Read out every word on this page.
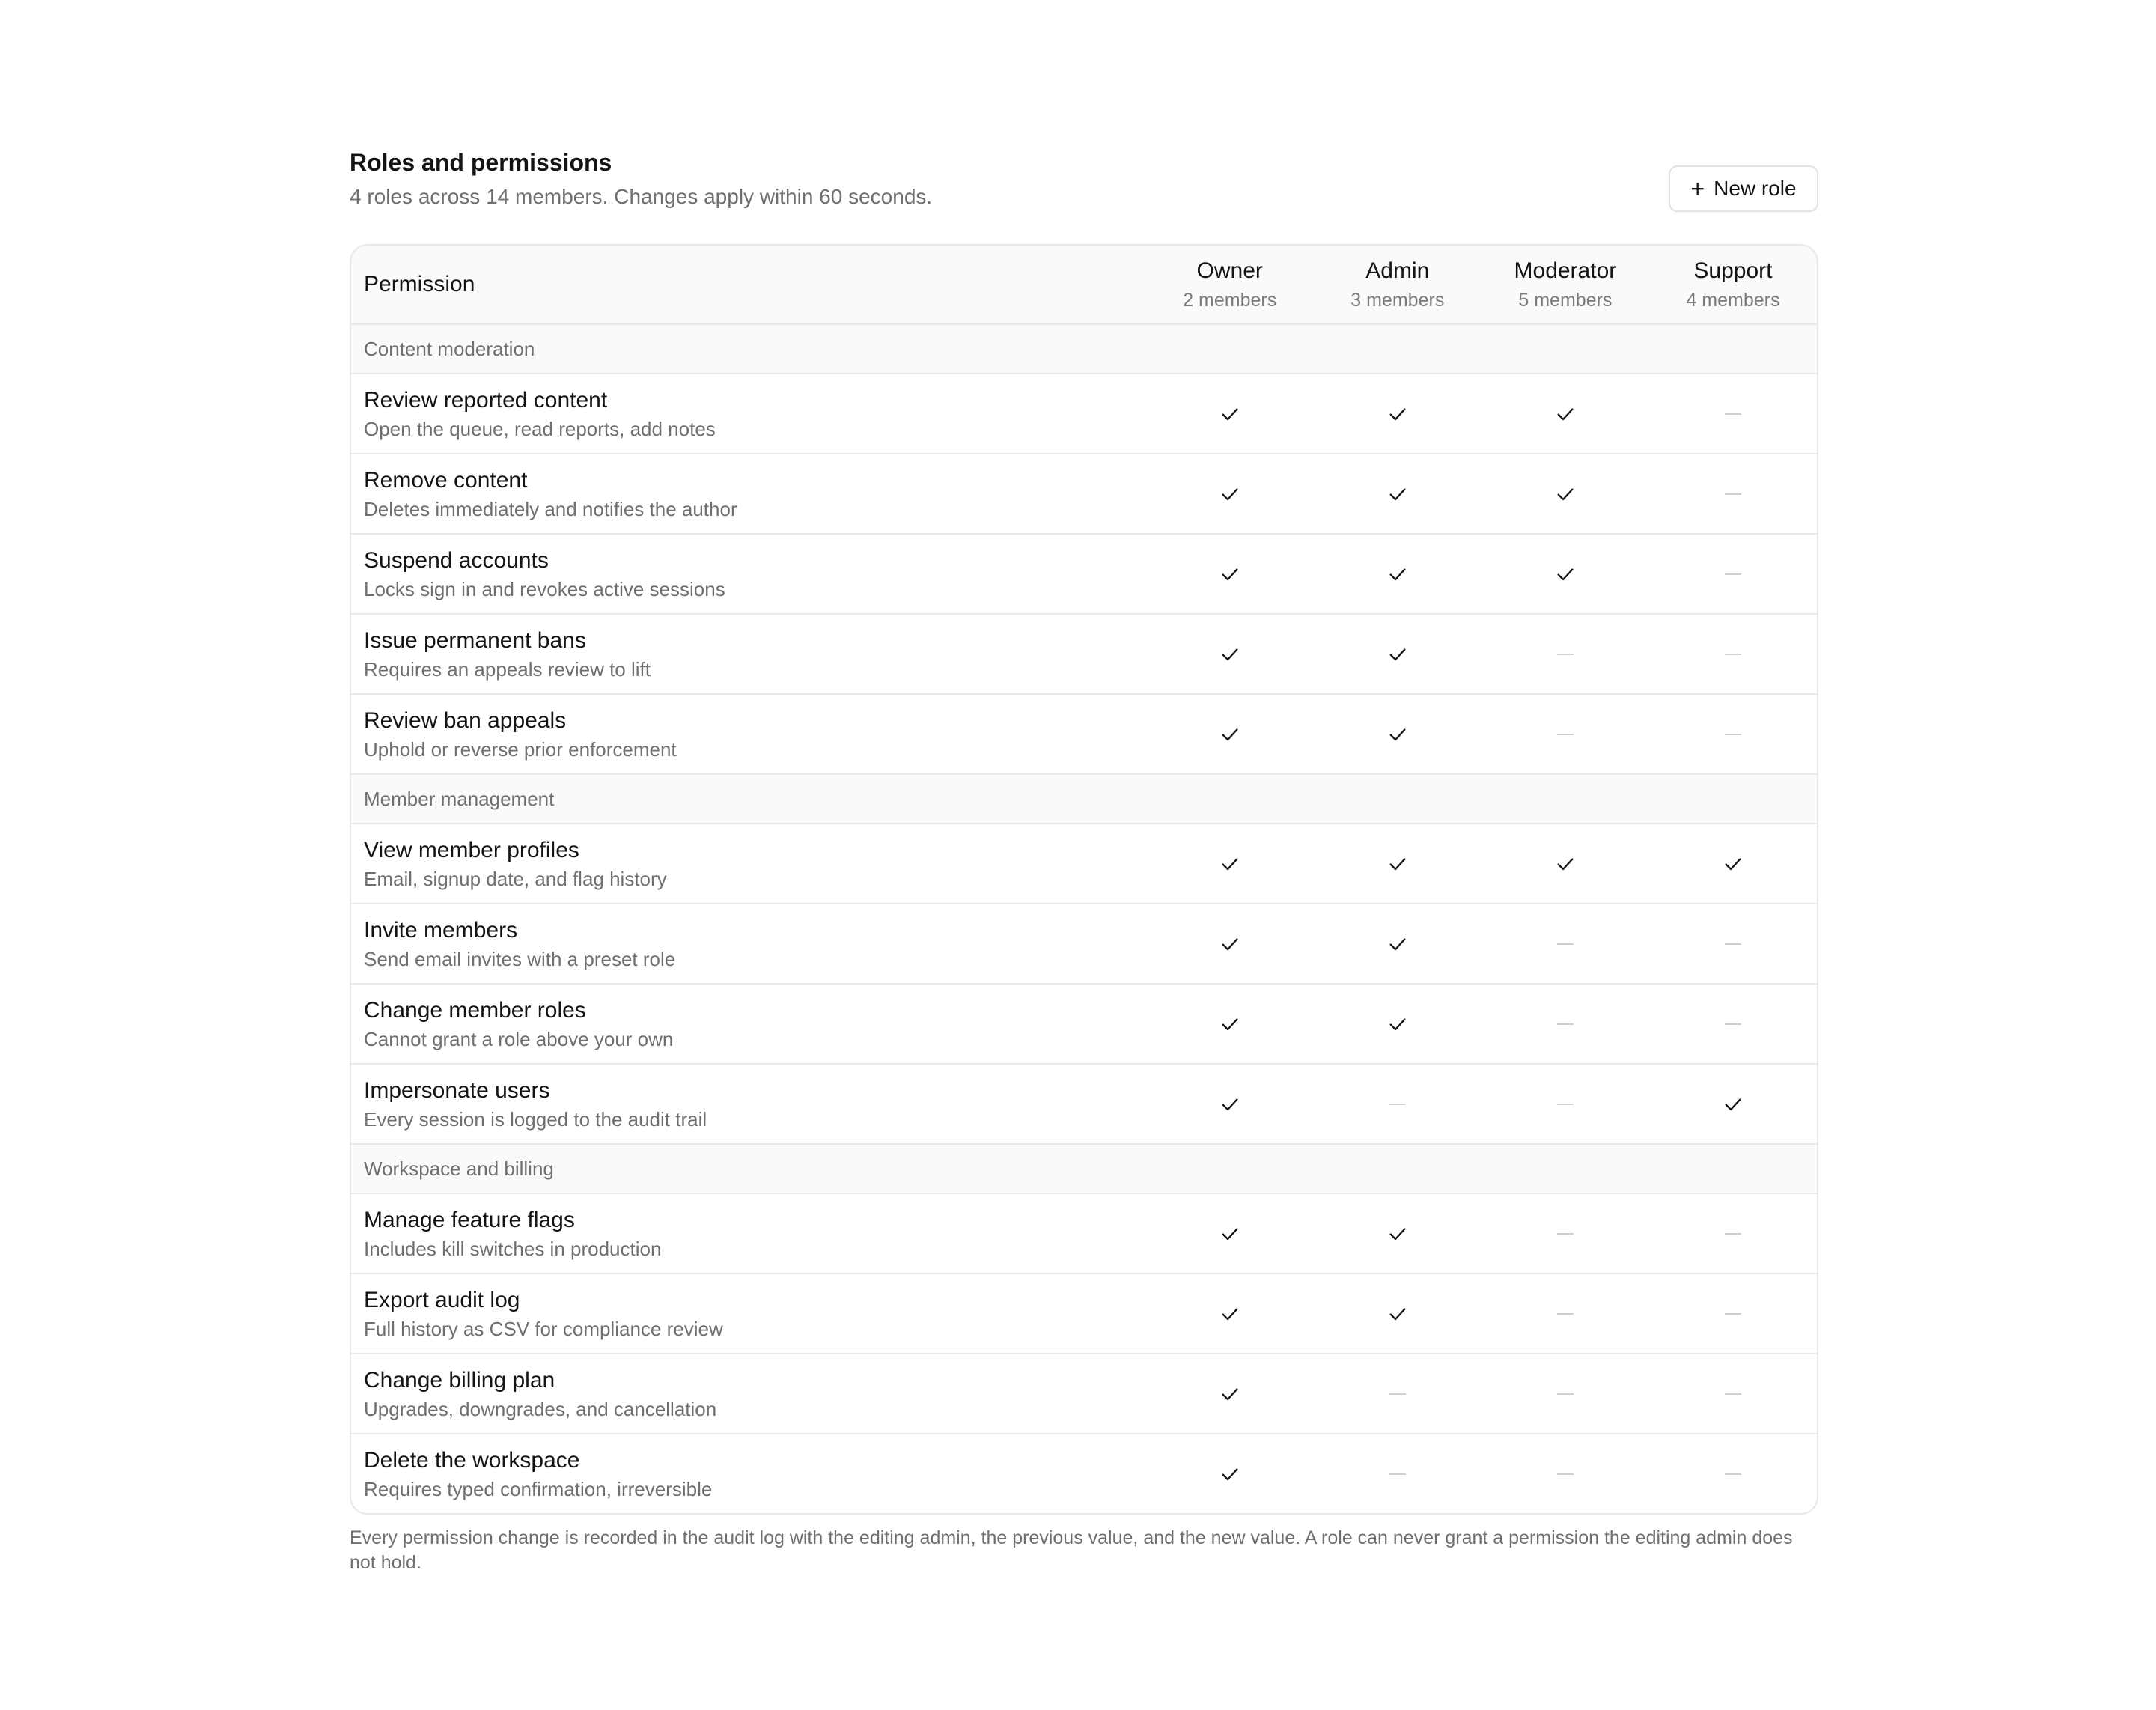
Roles and permissions
4 roles across 14 members. Changes apply within 60 seconds.	+ New role
Permission
Owner
2 members
Admin
3 members
Moderator
5 members
Support
4 members
Content moderation
Review reported content
Open the queue, read reports, add notes
Remove content
Deletes immediately and notifies the author
Suspend accounts
Locks sign in and revokes active sessions
Issue permanent bans
Requires an appeals review to lift
Review ban appeals
Uphold or reverse prior enforcement
Member management
View member profiles
Email, signup date, and flag history
Invite members
Send email invites with a preset role
Change member roles
Cannot grant a role above your own
Impersonate users
Every session is logged to the audit trail
Workspace and billing
Manage feature flags
Includes kill switches in production
Export audit log
Full history as CSV for compliance review
Change billing plan
Upgrades, downgrades, and cancellation
Delete the workspace
Requires typed confirmation, irreversible
Every permission change is recorded in the audit log with the editing admin, the previous value, and the new value. A role can never grant a permission the editing admin does not hold.
